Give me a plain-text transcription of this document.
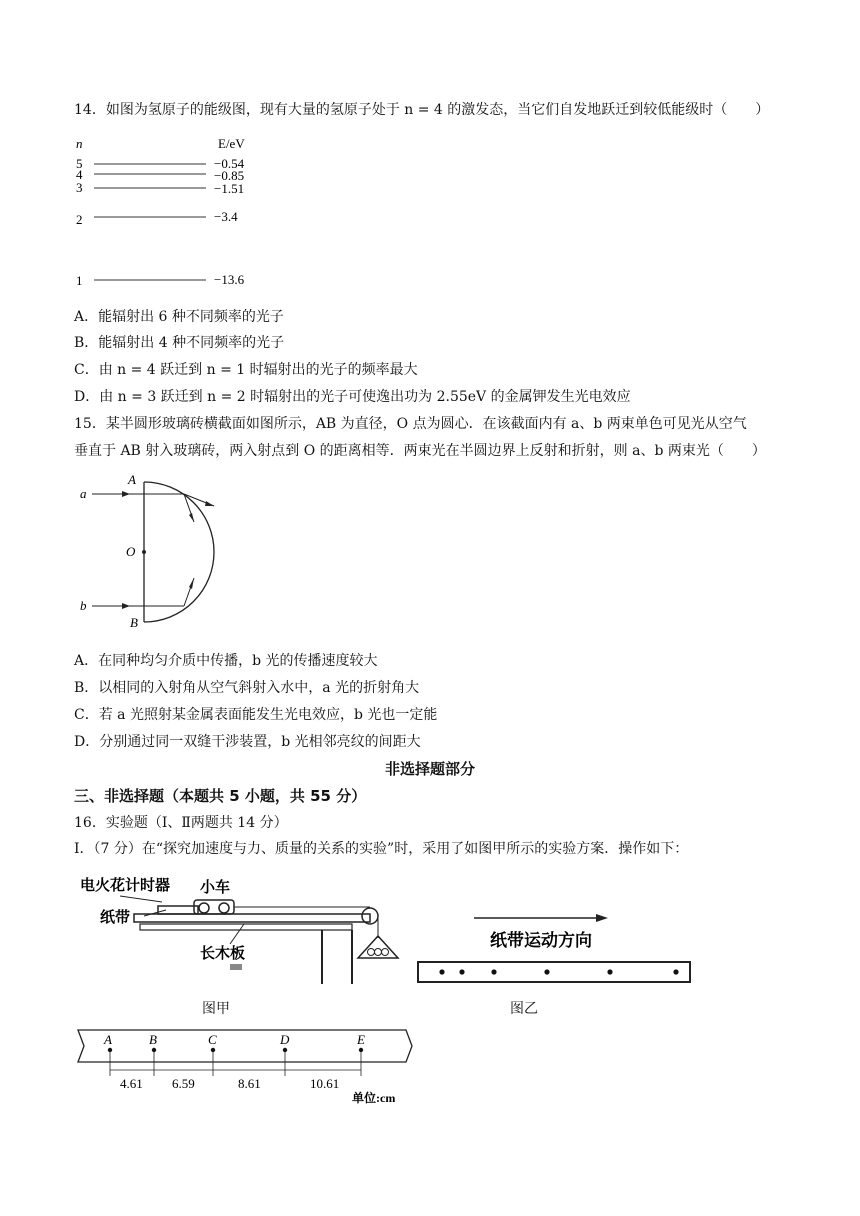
14．如图为氢原子的能级图，现有大量的氢原子处于 n = 4 的激发态，当它们自发地跃迁到较低能级时（　　）
n	E/eV
5	−0.54
4	−0.85
3	−1.51
2	−3.4
1	−13.6
A．能辐射出 6 种不同频率的光子
B．能辐射出 4 种不同频率的光子
C．由 n = 4 跃迁到 n = 1 时辐射出的光子的频率最大
D．由 n = 3 跃迁到 n = 2 时辐射出的光子可使逸出功为 2.55eV 的金属钾发生光电效应
15．某半圆形玻璃砖横截面如图所示，AB 为直径，O 点为圆心．在该截面内有 a、b 两束单色可见光从空气
垂直于 AB 射入玻璃砖，两入射点到 O 的距离相等．两束光在半圆边界上反射和折射，则 a、b 两束光（　　）
A
B
O
a
b
A．在同种均匀介质中传播，b 光的传播速度较大
B．以相同的入射角从空气斜射入水中，a 光的折射角大
C．若 a 光照射某金属表面能发生光电效应，b 光也一定能
D．分别通过同一双缝干涉装置，b 光相邻亮纹的间距大
非选择题部分
三、非选择题（本题共 5 小题，共 55 分）
16．实验题（Ⅰ、Ⅱ两题共 14 分）
Ⅰ．（7 分）在“探究加速度与力、质量的关系的实验”时，采用了如图甲所示的实验方案．操作如下：
电火花计时器 小车
纸带
长木板
图甲
纸带运动方向
图乙
A	B	C	D	E
4.61 6.59	8.61	10.61
单位:cm
